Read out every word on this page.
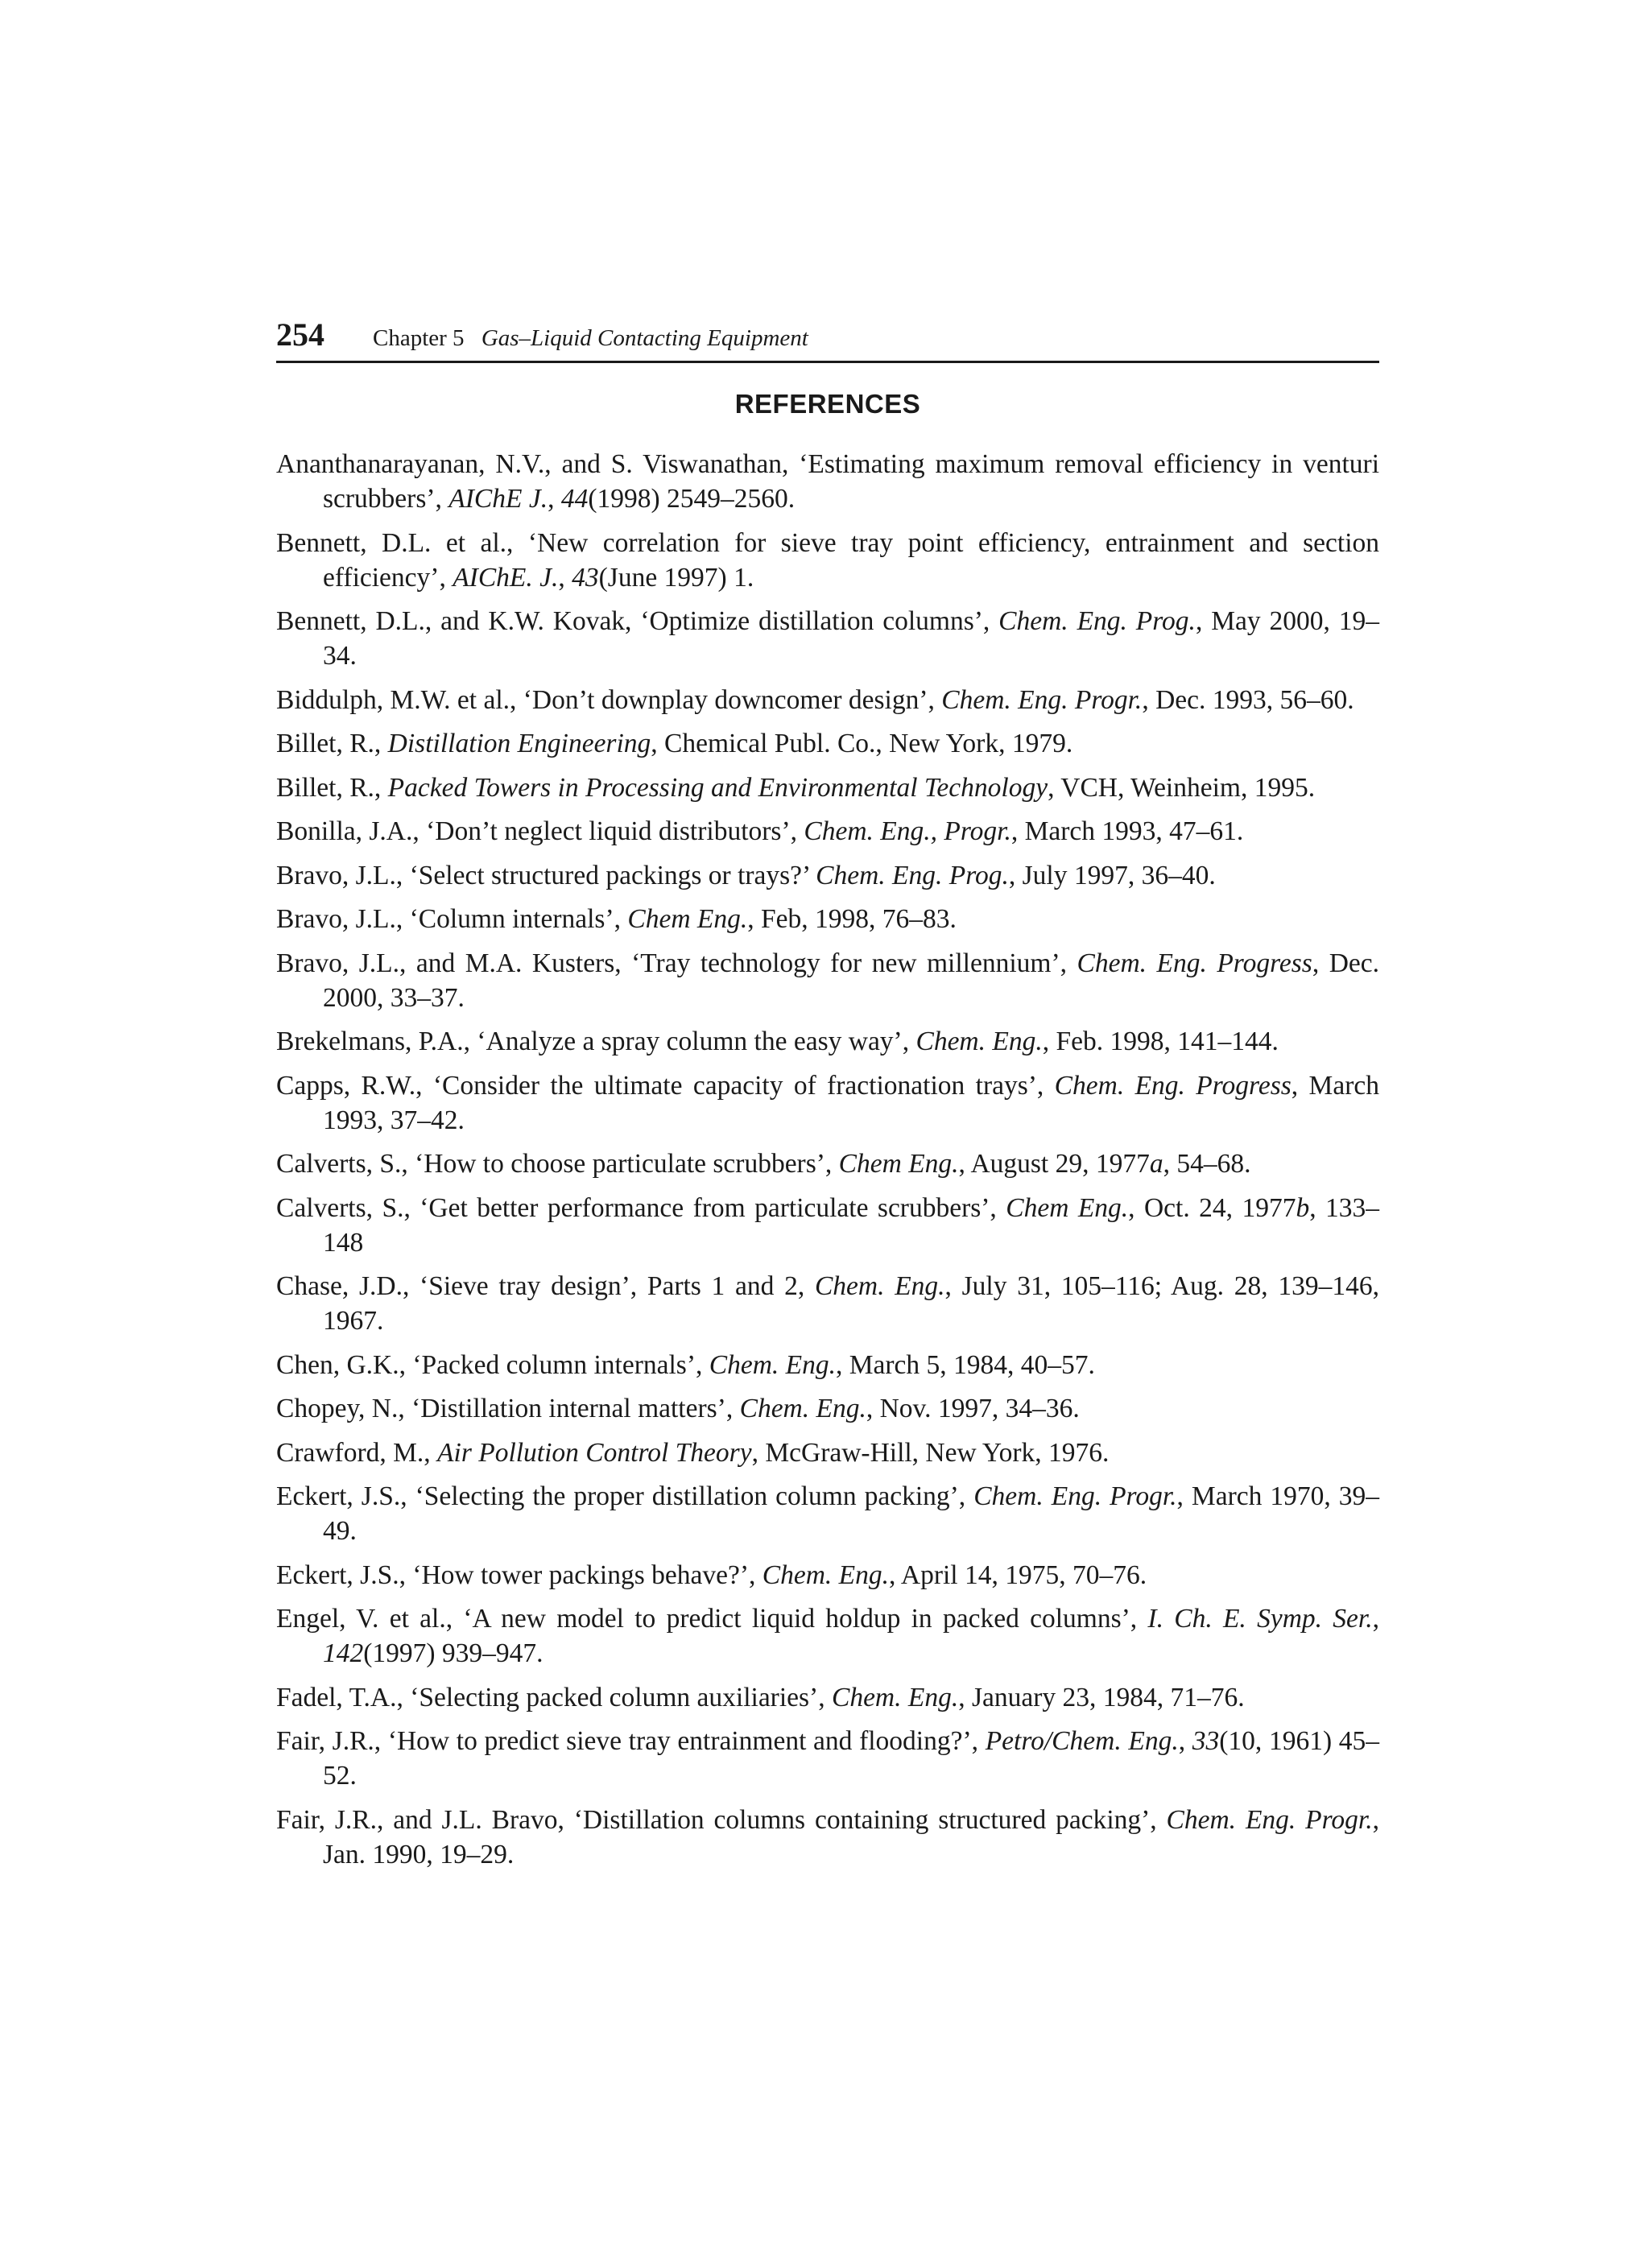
254 Chapter 5 Gas–Liquid Contacting Equipment
REFERENCES
Ananthanarayanan, N.V., and S. Viswanathan, ‘Estimating maximum removal efficiency in venturi scrubbers’, AIChE J., 44(1998) 2549–2560.
Bennett, D.L. et al., ‘New correlation for sieve tray point efficiency, entrainment and section efficiency’, AIChE. J., 43(June 1997) 1.
Bennett, D.L., and K.W. Kovak, ‘Optimize distillation columns’, Chem. Eng. Prog., May 2000, 19–34.
Biddulph, M.W. et al., ‘Don’t downplay downcomer design’, Chem. Eng. Progr., Dec. 1993, 56–60.
Billet, R., Distillation Engineering, Chemical Publ. Co., New York, 1979.
Billet, R., Packed Towers in Processing and Environmental Technology, VCH, Weinheim, 1995.
Bonilla, J.A., ‘Don’t neglect liquid distributors’, Chem. Eng., Progr., March 1993, 47–61.
Bravo, J.L., ‘Select structured packings or trays?’ Chem. Eng. Prog., July 1997, 36–40.
Bravo, J.L., ‘Column internals’, Chem Eng., Feb, 1998, 76–83.
Bravo, J.L., and M.A. Kusters, ‘Tray technology for new millennium’, Chem. Eng. Progress, Dec. 2000, 33–37.
Brekelmans, P.A., ‘Analyze a spray column the easy way’, Chem. Eng., Feb. 1998, 141–144.
Capps, R.W., ‘Consider the ultimate capacity of fractionation trays’, Chem. Eng. Progress, March 1993, 37–42.
Calverts, S., ‘How to choose particulate scrubbers’, Chem Eng., August 29, 1977a, 54–68.
Calverts, S., ‘Get better performance from particulate scrubbers’, Chem Eng., Oct. 24, 1977b, 133–148
Chase, J.D., ‘Sieve tray design’, Parts 1 and 2, Chem. Eng., July 31, 105–116; Aug. 28, 139–146, 1967.
Chen, G.K., ‘Packed column internals’, Chem. Eng., March 5, 1984, 40–57.
Chopey, N., ‘Distillation internal matters’, Chem. Eng., Nov. 1997, 34–36.
Crawford, M., Air Pollution Control Theory, McGraw-Hill, New York, 1976.
Eckert, J.S., ‘Selecting the proper distillation column packing’, Chem. Eng. Progr., March 1970, 39–49.
Eckert, J.S., ‘How tower packings behave?’, Chem. Eng., April 14, 1975, 70–76.
Engel, V. et al., ‘A new model to predict liquid holdup in packed columns’, I. Ch. E. Symp. Ser., 142(1997) 939–947.
Fadel, T.A., ‘Selecting packed column auxiliaries’, Chem. Eng., January 23, 1984, 71–76.
Fair, J.R., ‘How to predict sieve tray entrainment and flooding?’, Petro/Chem. Eng., 33(10, 1961) 45–52.
Fair, J.R., and J.L. Bravo, ‘Distillation columns containing structured packing’, Chem. Eng. Progr., Jan. 1990, 19–29.
